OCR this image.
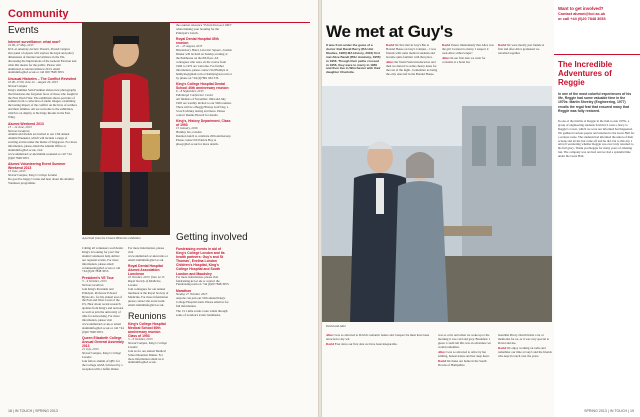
Community
Events

Internet surveillance: what now?
19.00, 27 May, 2013
KCL at Anatomy Lecture Theatre, Strand Campus
Our panel of experts will explore the legal and policy dimensions of internet surveillance in the UK, discussing the implications of the General Election and what this means for the public. Please visit alumni.kcl.ac.uk/surveillance-2013, email alumniinfo@kcl.ac.uk or call 020 7848 3053.

Unusual Histories – The Conflict Revisited
10.00–17.00, June 22 – August 29, 2013
Strand Campus
King's alumnus Sam Faulkner shares new photography that illustrates the forgotten faces of those who fought in the First World War. The exhibition shows portraits of soldiers from a collection of studio images, examining the lasting impact of the conflict on the lives of soldiers and their families. All are welcome to the exhibition, which is on display at the Inigo Rooms in the East Wing.

Alumni Weekend 2013
13 – 14 June, 2013
Various locations
Alumni and friends are invited to our 13th annual Alumni Weekend, which will include a range of exciting events under the theme of Singapore. For more information, please email the Alumni Office at alumniinfo@kcl.ac.uk, visit www.alumni.kcl.ac.uk/alumni-weekend or call +44 (0)20 7848 3053.

Alumni Volunteering Event Summer Weekend 2013
13 June, 2013
Strand Campus, King's College London
Do good be happy! Come and hear about the Alumni Volunteer programme.

A portrait from the Unseen Histories exhibition

Calling all volunteers worldwide: King's is looking for you! Our alumni volunteers help deliver our regional events. For more information, please email volunteering@kcl.ac.uk or call +44 (0)20 7848 3053.

President's VE Tour
3 – 9 October, 2013
Various locations
Join King's President and Principal, Professor Edward Byrne AC, for his annual tour of the East and West Coast of the US. Hear about recent research updates from King's and network as well as join the university of time for networking. For more information, please visit www.alumni.kcl.ac.uk or email alumniinfo@kcl.ac.uk or call +44 (0)20 7848 3053.

Queen Elizabeth College Annual General Assembly 2013
21 July, 2013
Strand Campus, King's College London
Join fellow alumni of QEC for the College AGM, followed by a reception with a buffet dinner.

For more information, please visit www.alumni.kcl.ac.uk/events or email alumniinfo@kcl.ac.uk

Royal Dental Hospital Alumni Association Luncheon
10 October, 2013, from 12.15
Royal Society of Medicine, London
Join colleagues for our annual luncheon at the Royal Society of Medicine. For more information please contact the event team: email alumniinfo@kcl.ac.uk.

Reunions

King's College Hospital Medical School 60th anniversary reunion Class of 1953
5 – 6 October, 2013
Strand Campus, King's College London
Join us for our annual Medical School Reunion Dinner. For more information email us at alumniinfo@kcl.ac.uk.

the reunion reference "Edwin Dawood 1993" when making your booking for the Principal's Lunch.

Royal Dental Hospital 45th reunion
22 – 23 August, 2013
Bloomsbury Hotel, Leicester Square, London
Dinner will be held on Sunday evening at the Penthouse on the 8th floor. All colleagues who were on the course from 1966 to 1972 are welcome. For further information, please contact Sid Hamlyn at hamlyns@gmail.com or hamlyn@aol.com or by phone on +44 (0)7801 602 535.

King's College Hospital Dental School 40th anniversary reunion
6 – 8 September, 2013
Edinburgh Conference Centre
All finalists of November 1964 and July 1965 are warmly invited to our 50th reunion. There will be a Buggy/Pitstop Golf Day, a Scotch whisky tasting and more. Please contact Dennis Howell for details.

King's, History Department, Class of 1993
15 January, 2016
Holiday Inn, London
Reunion lunch to celebrate 20th anniversary. Please contact Dr Patrick Hoy at phoey@kcl.ac.uk for more details.

Getting involved

Fundraising events in aid of King's College London and its health partners: Guy's and St Thomas', Evelina London Children's Hospital, King's College Hospital and South London and Maudsley
For more information, please visit fundraising.kcl.ac.uk or contact the Fundraising team on +44 (0)20 7848 3053.

Marathon
Sunday 27 October, 2013
Anyone can join our 10th annual King's College Hospital team. Please email us for full information.

The 13.1 mile scenic route winds through some of London's iconic landmarks.

18 | IN TOUCH | SPRING 2013
We met at Guy's
It was from under the guise of a doctor that David Berry (BA Hist Studies, 1960) MA History, 2004) first met Alice Bendt (BSc Anatomy, 1955) in 1956. Though their paths crossed in 1956, they were to marry in 1960 and then live in Winchester with their daughter Charlotte.

David We first met in Guy's Bar at Boland House on Guy's Campus – I was friends with some medical students and became quite familiar with that place.

Alice Our friend Sam introduced us and then we danced to some cheesy tunes for the rest of the night. I remember us being the only ones left in the Boland House.

David I knew immediately that Alice was the girl I wanted to marry. I suspect it took Alice rather longer!

Alice On our first date we went for cocktails at a hotel bar.

David We were mostly just friends at first and after Alice graduated we travelled together.

David and Alice

Alice I was so attracted to David's romantic nature and I suspect he must have been attracted to my wit.

David Ever since our first date we have been inseparable.

was so cold, and when we woke up to the morning it was cold and grey. Breakfast: I guess I could tell this was an adventure we would remember.

Alice I was so attracted to Alice by her smiling, honest nature and her deep heart.

David We make our home in the South Downs of Hampshire.

beautiful Priory church holds a lot of memories for us, as it was very special to David and me.

David We enjoy working on radio and remember our time at Guy's and the friends who kept in touch over the years.

Want to get involved?
Contact alumni@kcl.ac.uk
or call +44 (0)20 7848 3053
The Incredible Adventures of Reggie
In one of the most colorful experiences of his life, Reggie had some valuable time in the 1970s: Martin Sheeley (Engineering, 1977) recalls the regal feat that ensured many that Reggie was fully restored.
In one of the misfits of Reggie in the mid-to-late 1970s, a group of engineering students from KCL took a fancy to Reggie's crown, which we were not informed had happened. We gathered various papers and returned to the Great Hall for a serious scene. The students had informed the union of their actions and let the fun come off and he did, but to this day I am left wondering whether Reggie was ever truly returned to his full glory. Thank you Reggie for many years of amazing fun. The company was revived and we had a splendid time under the Great Hall.
SPRING 2013 | IN TOUCH | 19
